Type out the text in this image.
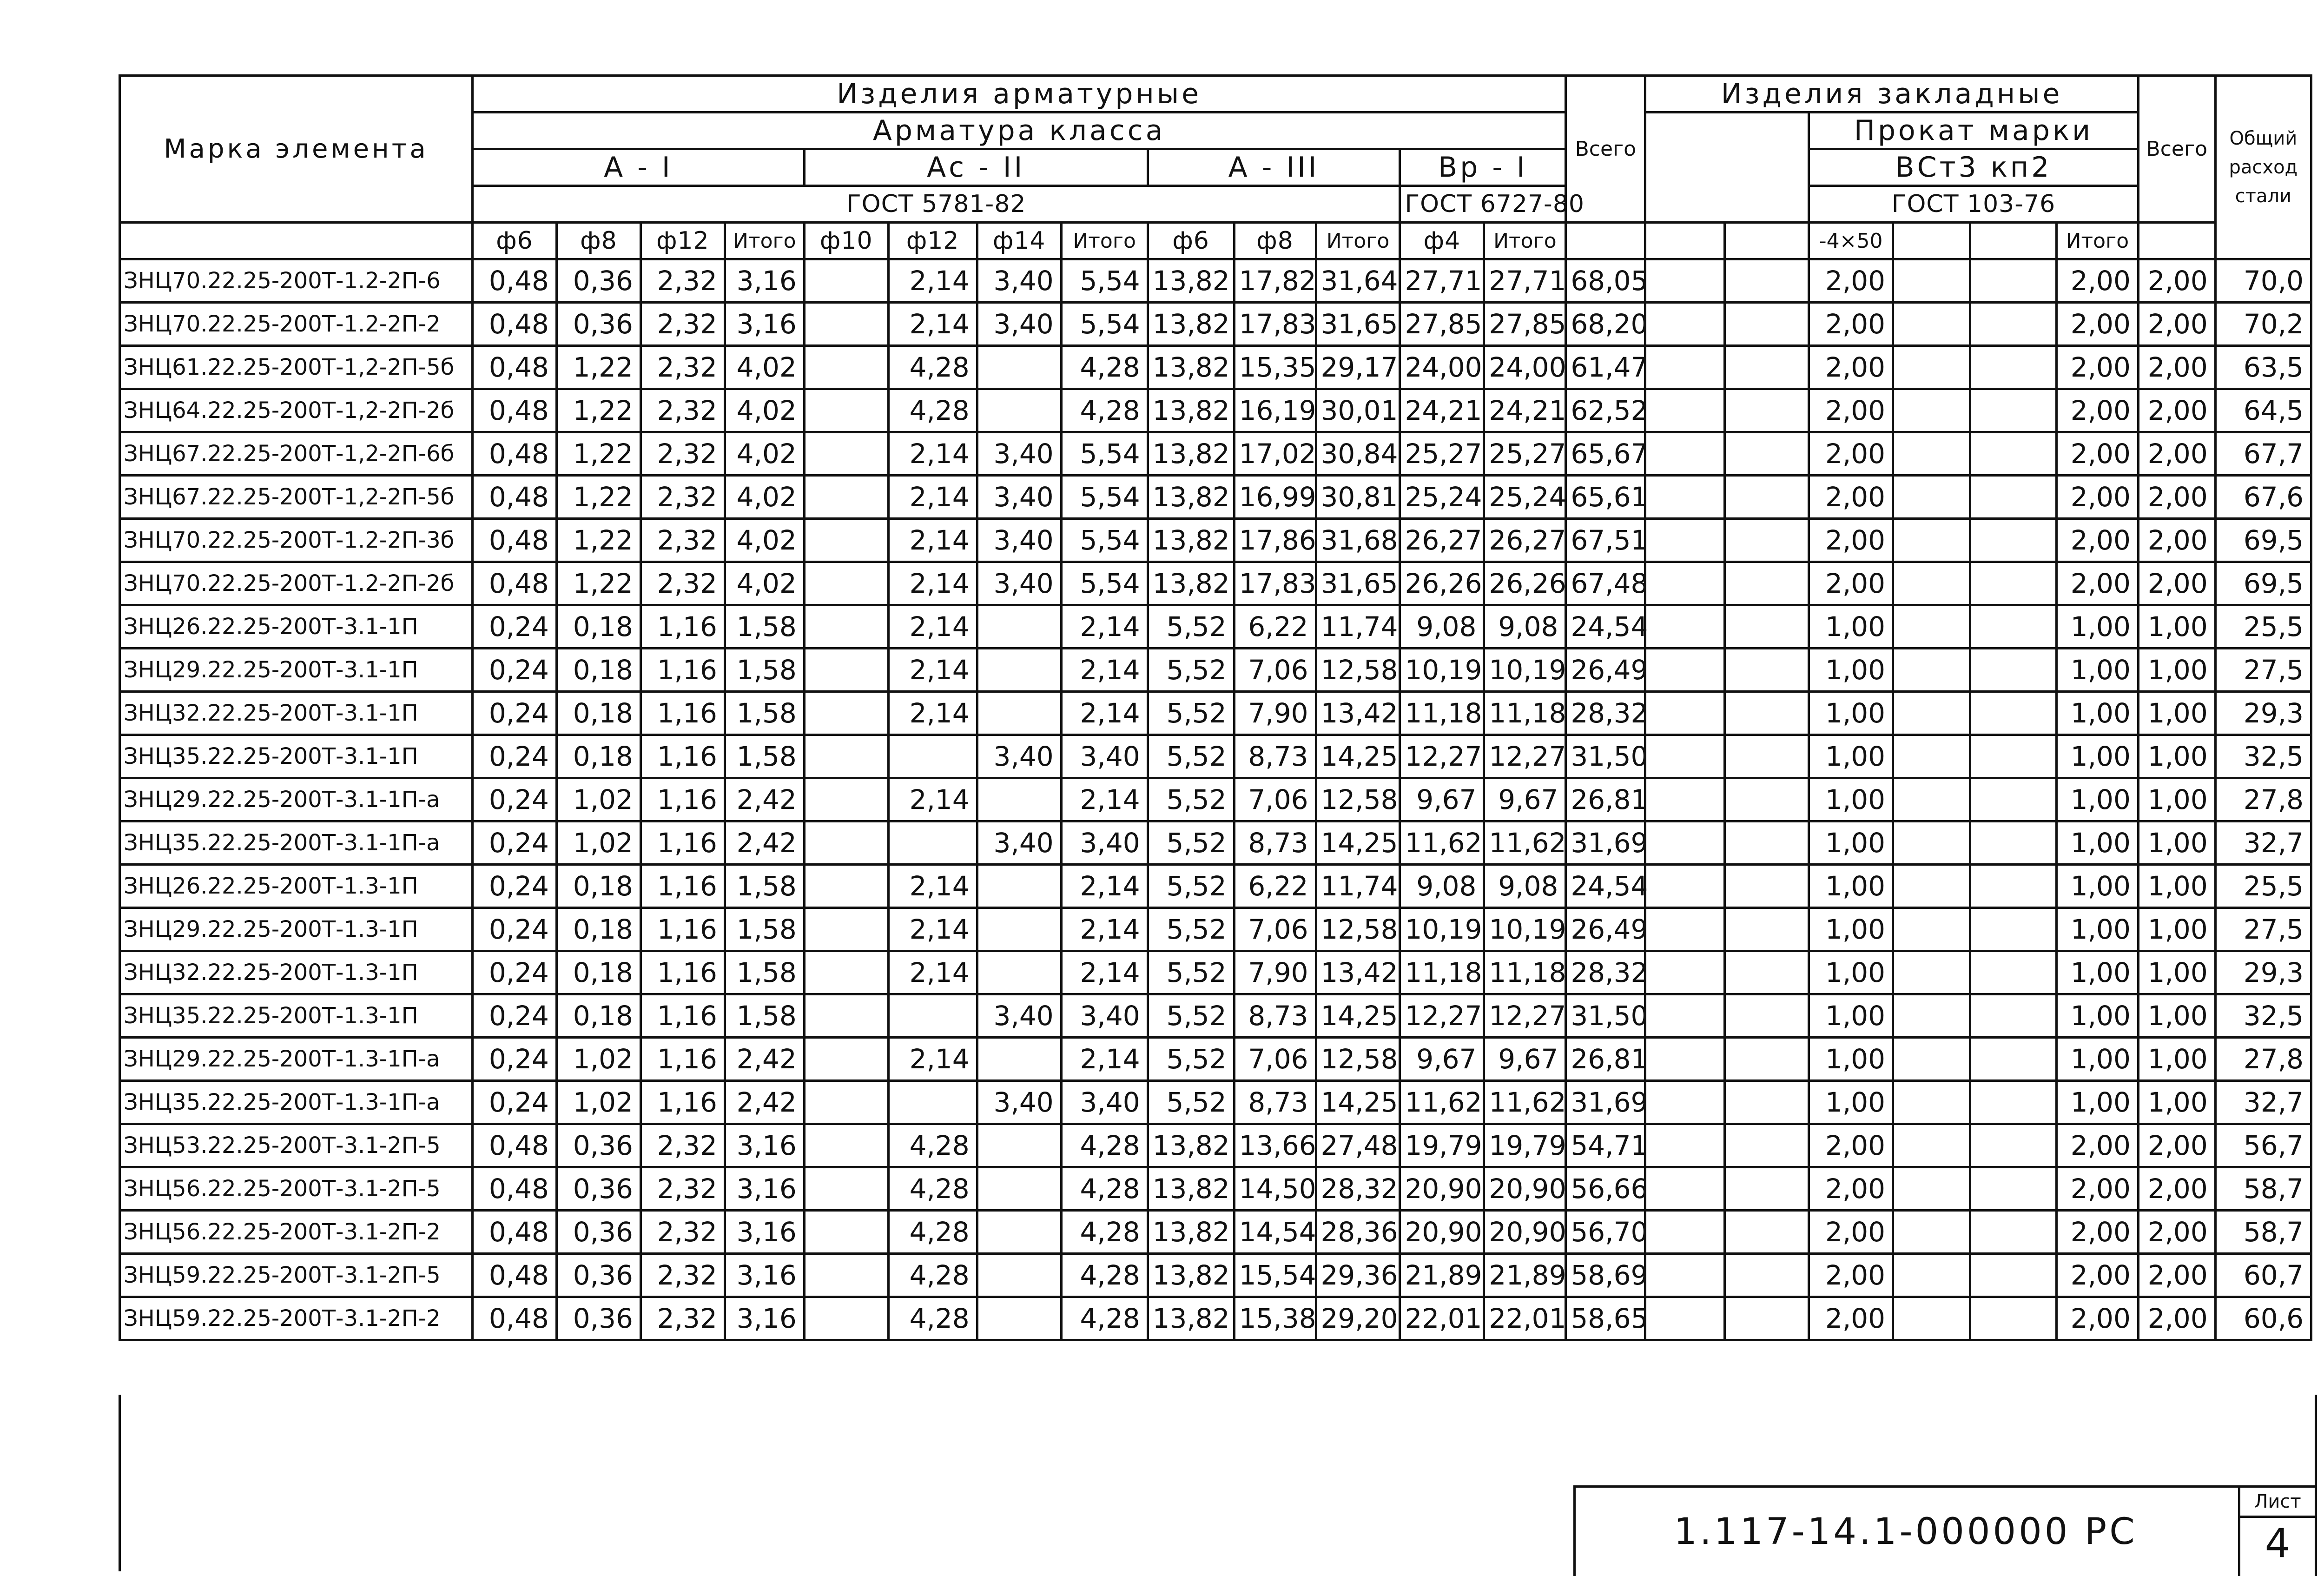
Марка элемента	Изделия арматурные													Всего	Изделия закладные						Всего	Общий расход стали
	Арматура класса																Прокат марки					
	А - I				Ас - II				А - III			Вр - I					ВСт3 кп2					
	ГОСТ 5781-82											ГОСТ 6727-80					ГОСТ 103-76					
	ф6	ф8	ф12	Итого	ф10	ф12	ф14	Итого	ф6	ф8	Итого	ф4	Итого				-4×50			Итого		
ЗНЦ70.22.25-200Т-1.2-2П-6	0,48	0,36	2,32	3,16		2,14	3,40	5,54	13,82	17,82	31,64	27,71	27,71	68,05			2,00			2,00	2,00	70,0
ЗНЦ70.22.25-200Т-1.2-2П-2	0,48	0,36	2,32	3,16		2,14	3,40	5,54	13,82	17,83	31,65	27,85	27,85	68,20			2,00			2,00	2,00	70,2
ЗНЦ61.22.25-200Т-1,2-2П-5б	0,48	1,22	2,32	4,02		4,28		4,28	13,82	15,35	29,17	24,00	24,00	61,47			2,00			2,00	2,00	63,5
ЗНЦ64.22.25-200Т-1,2-2П-2б	0,48	1,22	2,32	4,02		4,28		4,28	13,82	16,19	30,01	24,21	24,21	62,52			2,00			2,00	2,00	64,5
ЗНЦ67.22.25-200Т-1,2-2П-6б	0,48	1,22	2,32	4,02		2,14	3,40	5,54	13,82	17,02	30,84	25,27	25,27	65,67			2,00			2,00	2,00	67,7
ЗНЦ67.22.25-200Т-1,2-2П-5б	0,48	1,22	2,32	4,02		2,14	3,40	5,54	13,82	16,99	30,81	25,24	25,24	65,61			2,00			2,00	2,00	67,6
ЗНЦ70.22.25-200Т-1.2-2П-3б	0,48	1,22	2,32	4,02		2,14	3,40	5,54	13,82	17,86	31,68	26,27	26,27	67,51			2,00			2,00	2,00	69,5
ЗНЦ70.22.25-200Т-1.2-2П-2б	0,48	1,22	2,32	4,02		2,14	3,40	5,54	13,82	17,83	31,65	26,26	26,26	67,48			2,00			2,00	2,00	69,5
ЗНЦ26.22.25-200Т-3.1-1П	0,24	0,18	1,16	1,58		2,14		2,14	5,52	6,22	11,74	9,08	9,08	24,54			1,00			1,00	1,00	25,5
ЗНЦ29.22.25-200Т-3.1-1П	0,24	0,18	1,16	1,58		2,14		2,14	5,52	7,06	12,58	10,19	10,19	26,49			1,00			1,00	1,00	27,5
ЗНЦ32.22.25-200Т-3.1-1П	0,24	0,18	1,16	1,58		2,14		2,14	5,52	7,90	13,42	11,18	11,18	28,32			1,00			1,00	1,00	29,3
ЗНЦ35.22.25-200Т-3.1-1П	0,24	0,18	1,16	1,58			3,40	3,40	5,52	8,73	14,25	12,27	12,27	31,50			1,00			1,00	1,00	32,5
ЗНЦ29.22.25-200Т-3.1-1П-а	0,24	1,02	1,16	2,42		2,14		2,14	5,52	7,06	12,58	9,67	9,67	26,81			1,00			1,00	1,00	27,8
ЗНЦ35.22.25-200Т-3.1-1П-а	0,24	1,02	1,16	2,42			3,40	3,40	5,52	8,73	14,25	11,62	11,62	31,69			1,00			1,00	1,00	32,7
ЗНЦ26.22.25-200Т-1.3-1П	0,24	0,18	1,16	1,58		2,14		2,14	5,52	6,22	11,74	9,08	9,08	24,54			1,00			1,00	1,00	25,5
ЗНЦ29.22.25-200Т-1.3-1П	0,24	0,18	1,16	1,58		2,14		2,14	5,52	7,06	12,58	10,19	10,19	26,49			1,00			1,00	1,00	27,5
ЗНЦ32.22.25-200Т-1.3-1П	0,24	0,18	1,16	1,58		2,14		2,14	5,52	7,90	13,42	11,18	11,18	28,32			1,00			1,00	1,00	29,3
ЗНЦ35.22.25-200Т-1.3-1П	0,24	0,18	1,16	1,58			3,40	3,40	5,52	8,73	14,25	12,27	12,27	31,50			1,00			1,00	1,00	32,5
ЗНЦ29.22.25-200Т-1.3-1П-а	0,24	1,02	1,16	2,42		2,14		2,14	5,52	7,06	12,58	9,67	9,67	26,81			1,00			1,00	1,00	27,8
ЗНЦ35.22.25-200Т-1.3-1П-а	0,24	1,02	1,16	2,42			3,40	3,40	5,52	8,73	14,25	11,62	11,62	31,69			1,00			1,00	1,00	32,7
ЗНЦ53.22.25-200Т-3.1-2П-5	0,48	0,36	2,32	3,16		4,28		4,28	13,82	13,66	27,48	19,79	19,79	54,71			2,00			2,00	2,00	56,7
ЗНЦ56.22.25-200Т-3.1-2П-5	0,48	0,36	2,32	3,16		4,28		4,28	13,82	14,50	28,32	20,90	20,90	56,66			2,00			2,00	2,00	58,7
ЗНЦ56.22.25-200Т-3.1-2П-2	0,48	0,36	2,32	3,16		4,28		4,28	13,82	14,54	28,36	20,90	20,90	56,70			2,00			2,00	2,00	58,7
ЗНЦ59.22.25-200Т-3.1-2П-5	0,48	0,36	2,32	3,16		4,28		4,28	13,82	15,54	29,36	21,89	21,89	58,69			2,00			2,00	2,00	60,7
ЗНЦ59.22.25-200Т-3.1-2П-2	0,48	0,36	2,32	3,16		4,28		4,28	13,82	15,38	29,20	22,01	22,01	58,65			2,00			2,00	2,00	60,6
1.117-14.1-000000 РС
Лист
4
